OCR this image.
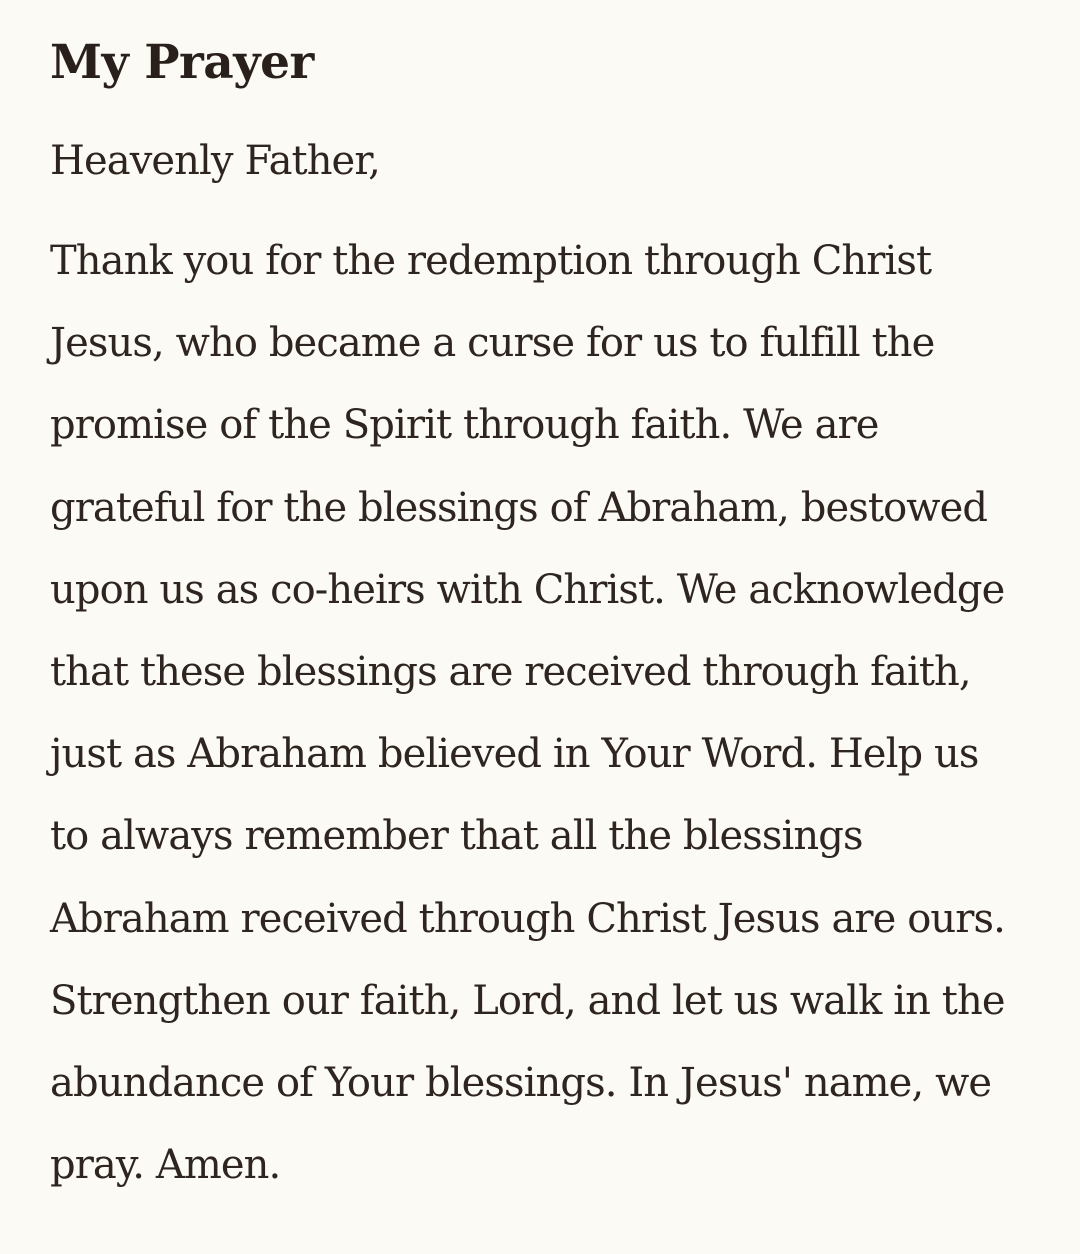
My Prayer

Heavenly Father,

Thank you for the redemption through Christ
Jesus, who became a curse for us to fulfill the
promise of the Spirit through faith. We are
grateful for the blessings of Abraham, bestowed
upon us as co-heirs with Christ. We acknowledge
that these blessings are received through faith,
just as Abraham believed in Your Word. Help us
to always remember that all the blessings
Abraham received through Christ Jesus are ours.
Strengthen our faith, Lord, and let us walk in the
abundance of Your blessings. In Jesus' name, we
pray. Amen.
